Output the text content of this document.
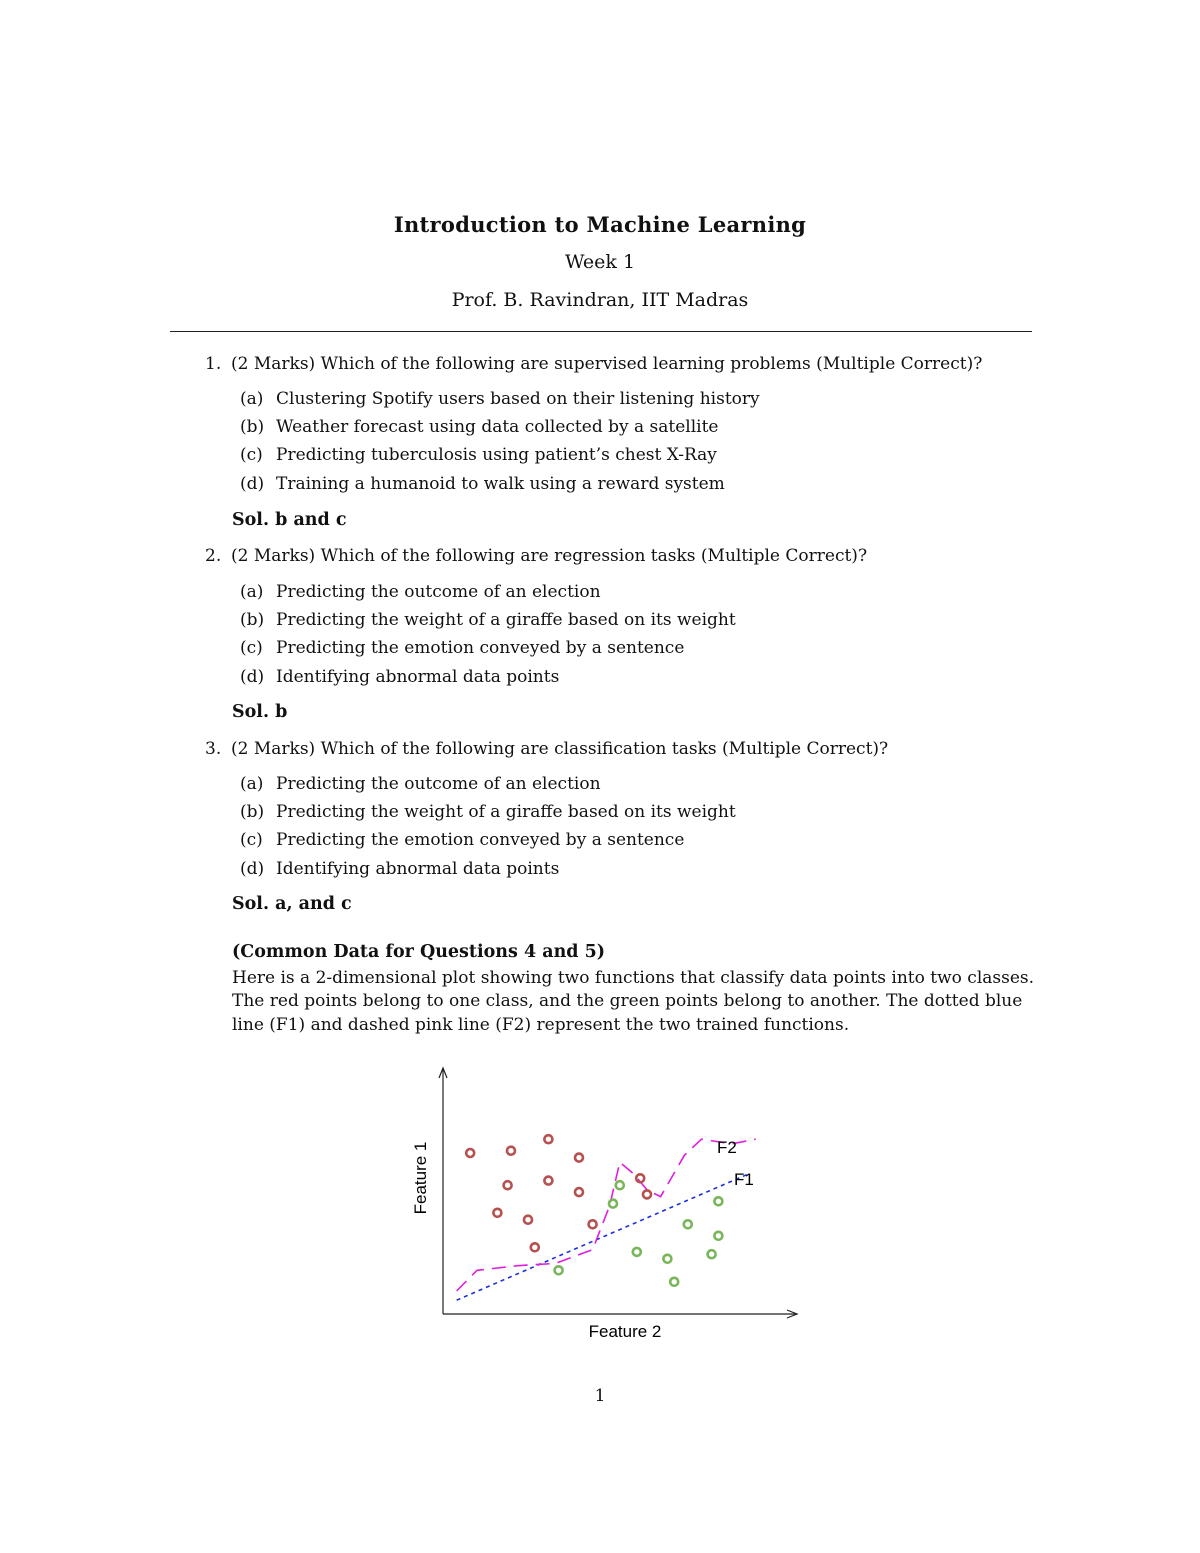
Introduction to Machine Learning
Week 1
Prof. B. Ravindran, IIT Madras
1. (2 Marks) Which of the following are supervised learning problems (Multiple Correct)?
(a) Clustering Spotify users based on their listening history
(b) Weather forecast using data collected by a satellite
(c) Predicting tuberculosis using patient’s chest X-Ray
(d) Training a humanoid to walk using a reward system
Sol. b and c
2. (2 Marks) Which of the following are regression tasks (Multiple Correct)?
(a) Predicting the outcome of an election
(b) Predicting the weight of a giraffe based on its weight
(c) Predicting the emotion conveyed by a sentence
(d) Identifying abnormal data points
Sol. b
3. (2 Marks) Which of the following are classification tasks (Multiple Correct)?
(a) Predicting the outcome of an election
(b) Predicting the weight of a giraffe based on its weight
(c) Predicting the emotion conveyed by a sentence
(d) Identifying abnormal data points
Sol. a, and c
(Common Data for Questions 4 and 5)
Here is a 2-dimensional plot showing two functions that classify data points into two classes.
The red points belong to one class, and the green points belong to another. The dotted blue
line (F1) and dashed pink line (F2) represent the two trained functions.
Feature 1
Feature 2
F2
F1
1
